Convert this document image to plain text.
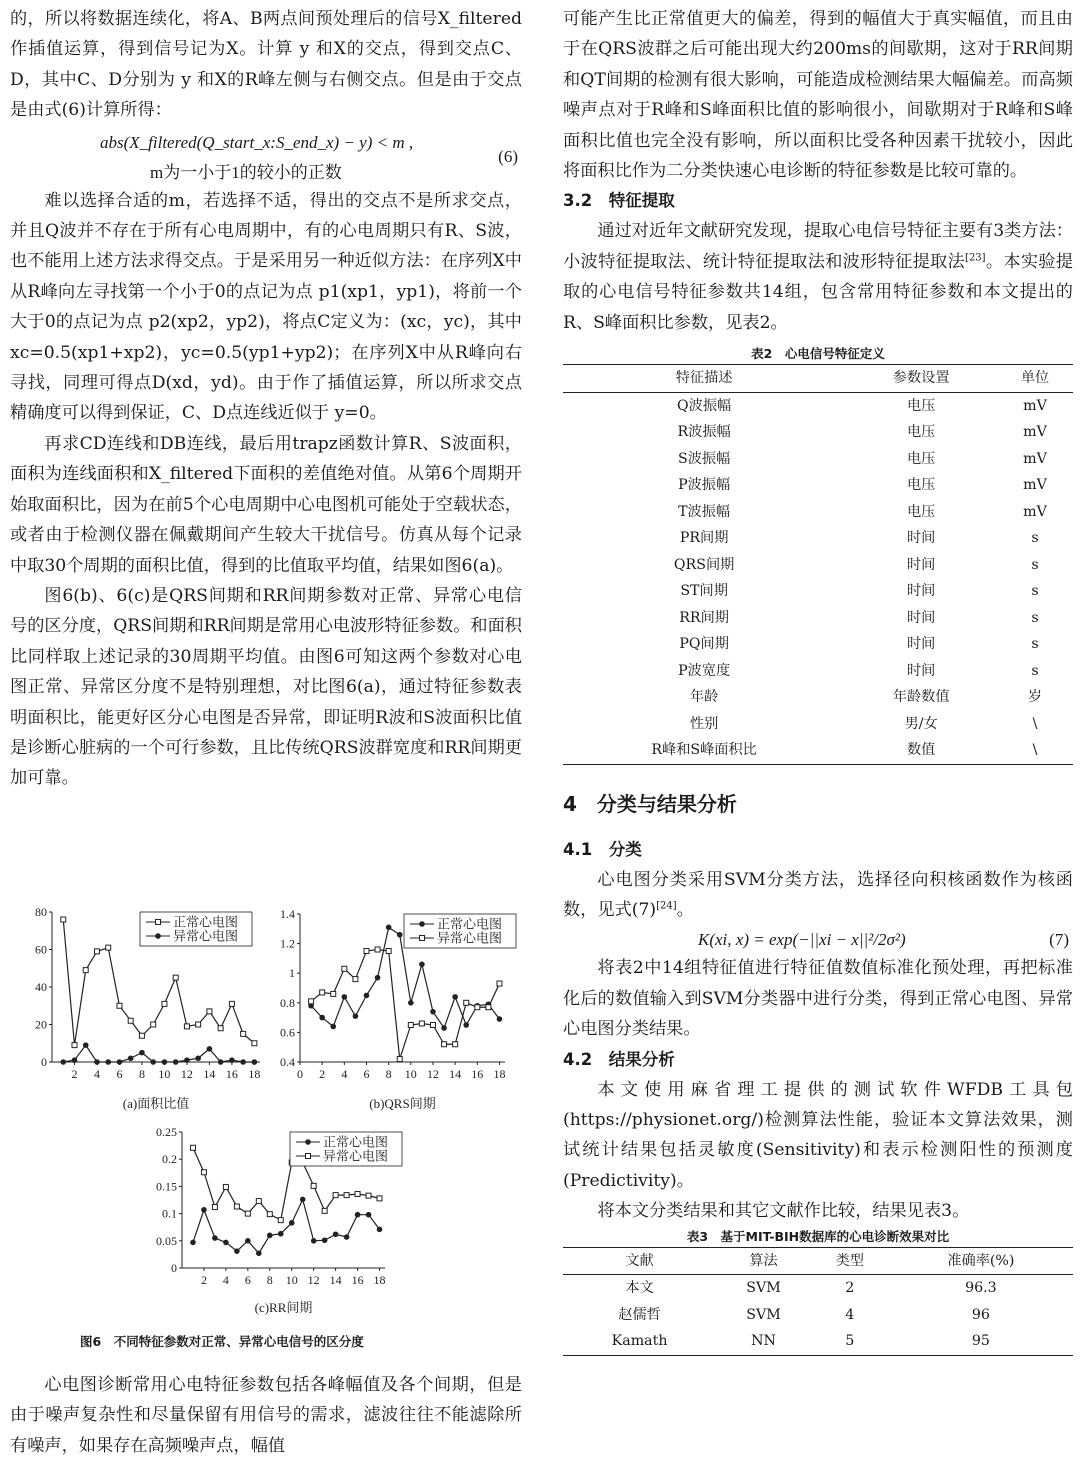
的，所以将数据连续化，将A、B两点间预处理后的信号X_filtered作插值运算，得到信号记为X。计算 y 和X的交点，得到交点C、D，其中C、D分别为 y 和X的R峰左侧与右侧交点。但是由于交点是由式(6)计算所得：

abs(X_filtered(Q_start_x:S_end_x) − y) < m ,
m为一小于1的较小的正数
(6)

难以选择合适的m，若选择不适，得出的交点不是所求交点，并且Q波并不存在于所有心电周期中，有的心电周期只有R、S波，也不能用上述方法求得交点。于是采用另一种近似方法：在序列X中从R峰向左寻找第一个小于0的点记为点 p1(xp1，yp1)，将前一个大于0的点记为点 p2(xp2，yp2)，将点C定义为：(xc，yc)，其中 xc=0.5(xp1+xp2)，yc=0.5(yp1+yp2)；在序列X中从R峰向右寻找，同理可得点D(xd，yd)。由于作了插值运算，所以所求交点精确度可以得到保证，C、D点连线近似于 y=0。

再求CD连线和DB连线，最后用trapz函数计算R、S波面积，面积为连线面积和X_filtered下面积的差值绝对值。从第6个周期开始取面积比，因为在前5个心电周期中心电图机可能处于空载状态，或者由于检测仪器在佩戴期间产生较大干扰信号。仿真从每个记录中取30个周期的面积比值，得到的比值取平均值，结果如图6(a)。

图6(b)、6(c)是QRS间期和RR间期参数对正常、异常心电信号的区分度，QRS间期和RR间期是常用心电波形特征参数。和面积比同样取上述记录的30周期平均值。由图6可知这两个参数对心电图正常、异常区分度不是特别理想，对比图6(a)，通过特征参数表明面积比，能更好区分心电图是否异常，即证明R波和S波面积比值是诊断心脏病的一个可行参数，且比传统QRS波群宽度和RR间期更加可靠。

0
20
40
60
80
2 4 6 8 10 12 14 16 18
正常心电图
异常心电图
(a)面积比值
0.4
0.6
0.8
1
1.2
1.4
0 2 4 6 8 10 12 14 16 18
正常心电图
异常心电图
(b)QRS间期
0
0.05
0.1
0.15
0.2
0.25
2 4 6 8 10 12 14 16 18
正常心电图
异常心电图
(c)RR间期
图6　不同特征参数对正常、异常心电信号的区分度

心电图诊断常用心电特征参数包括各峰幅值及各个间期，但是由于噪声复杂性和尽量保留有用信号的需求，滤波往往不能滤除所有噪声，如果存在高频噪声点，幅值

可能产生比正常值更大的偏差，得到的幅值大于真实幅值，而且由于在QRS波群之后可能出现大约200ms的间歇期，这对于RR间期和QT间期的检测有很大影响，可能造成检测结果大幅偏差。而高频噪声点对于R峰和S峰面积比值的影响很小，间歇期对于R峰和S峰面积比值也完全没有影响，所以面积比受各种因素干扰较小，因此将面积比作为二分类快速心电诊断的特征参数是比较可靠的。

3.2　特征提取

通过对近年文献研究发现，提取心电信号特征主要有3类方法：小波特征提取法、统计特征提取法和波形特征提取法[23]。本实验提取的心电信号特征参数共14组，包含常用特征参数和本文提出的R、S峰面积比参数，见表2。

表2　心电信号特征定义
特征描述	参数设置	单位
Q波振幅	电压	mV
R波振幅	电压	mV
S波振幅	电压	mV
P波振幅	电压	mV
T波振幅	电压	mV
PR间期	时间	s
QRS间期	时间	s
ST间期	时间	s
RR间期	时间	s
PQ间期	时间	s
P波宽度	时间	s
年龄	年龄数值	岁
性别	男/女	\
R峰和S峰面积比	数值	\
4　分类与结果分析
4.1　分类

心电图分类采用SVM分类方法，选择径向积核函数作为核函数，见式(7)[24]。

K(xi, x) = exp(−||xi − x||²/2σ²)	(7)

将表2中14组特征值进行特征值数值标准化预处理，再把标准化后的数值输入到SVM分类器中进行分类，得到正常心电图、异常心电图分类结果。

4.2　结果分析

本文使用麻省理工提供的测试软件WFDB工具包(https://physionet.org/)检测算法性能，验证本文算法效果，测试统计结果包括灵敏度(Sensitivity)和表示检测阳性的预测度(Predictivity)。

将本文分类结果和其它文献作比较，结果见表3。

表3　基于MIT-BIH数据库的心电诊断效果对比
文献	算法	类型	准确率(%)
本文	SVM	2	96.3
赵儒哲	SVM	4	96
Kamath	NN	5	95
